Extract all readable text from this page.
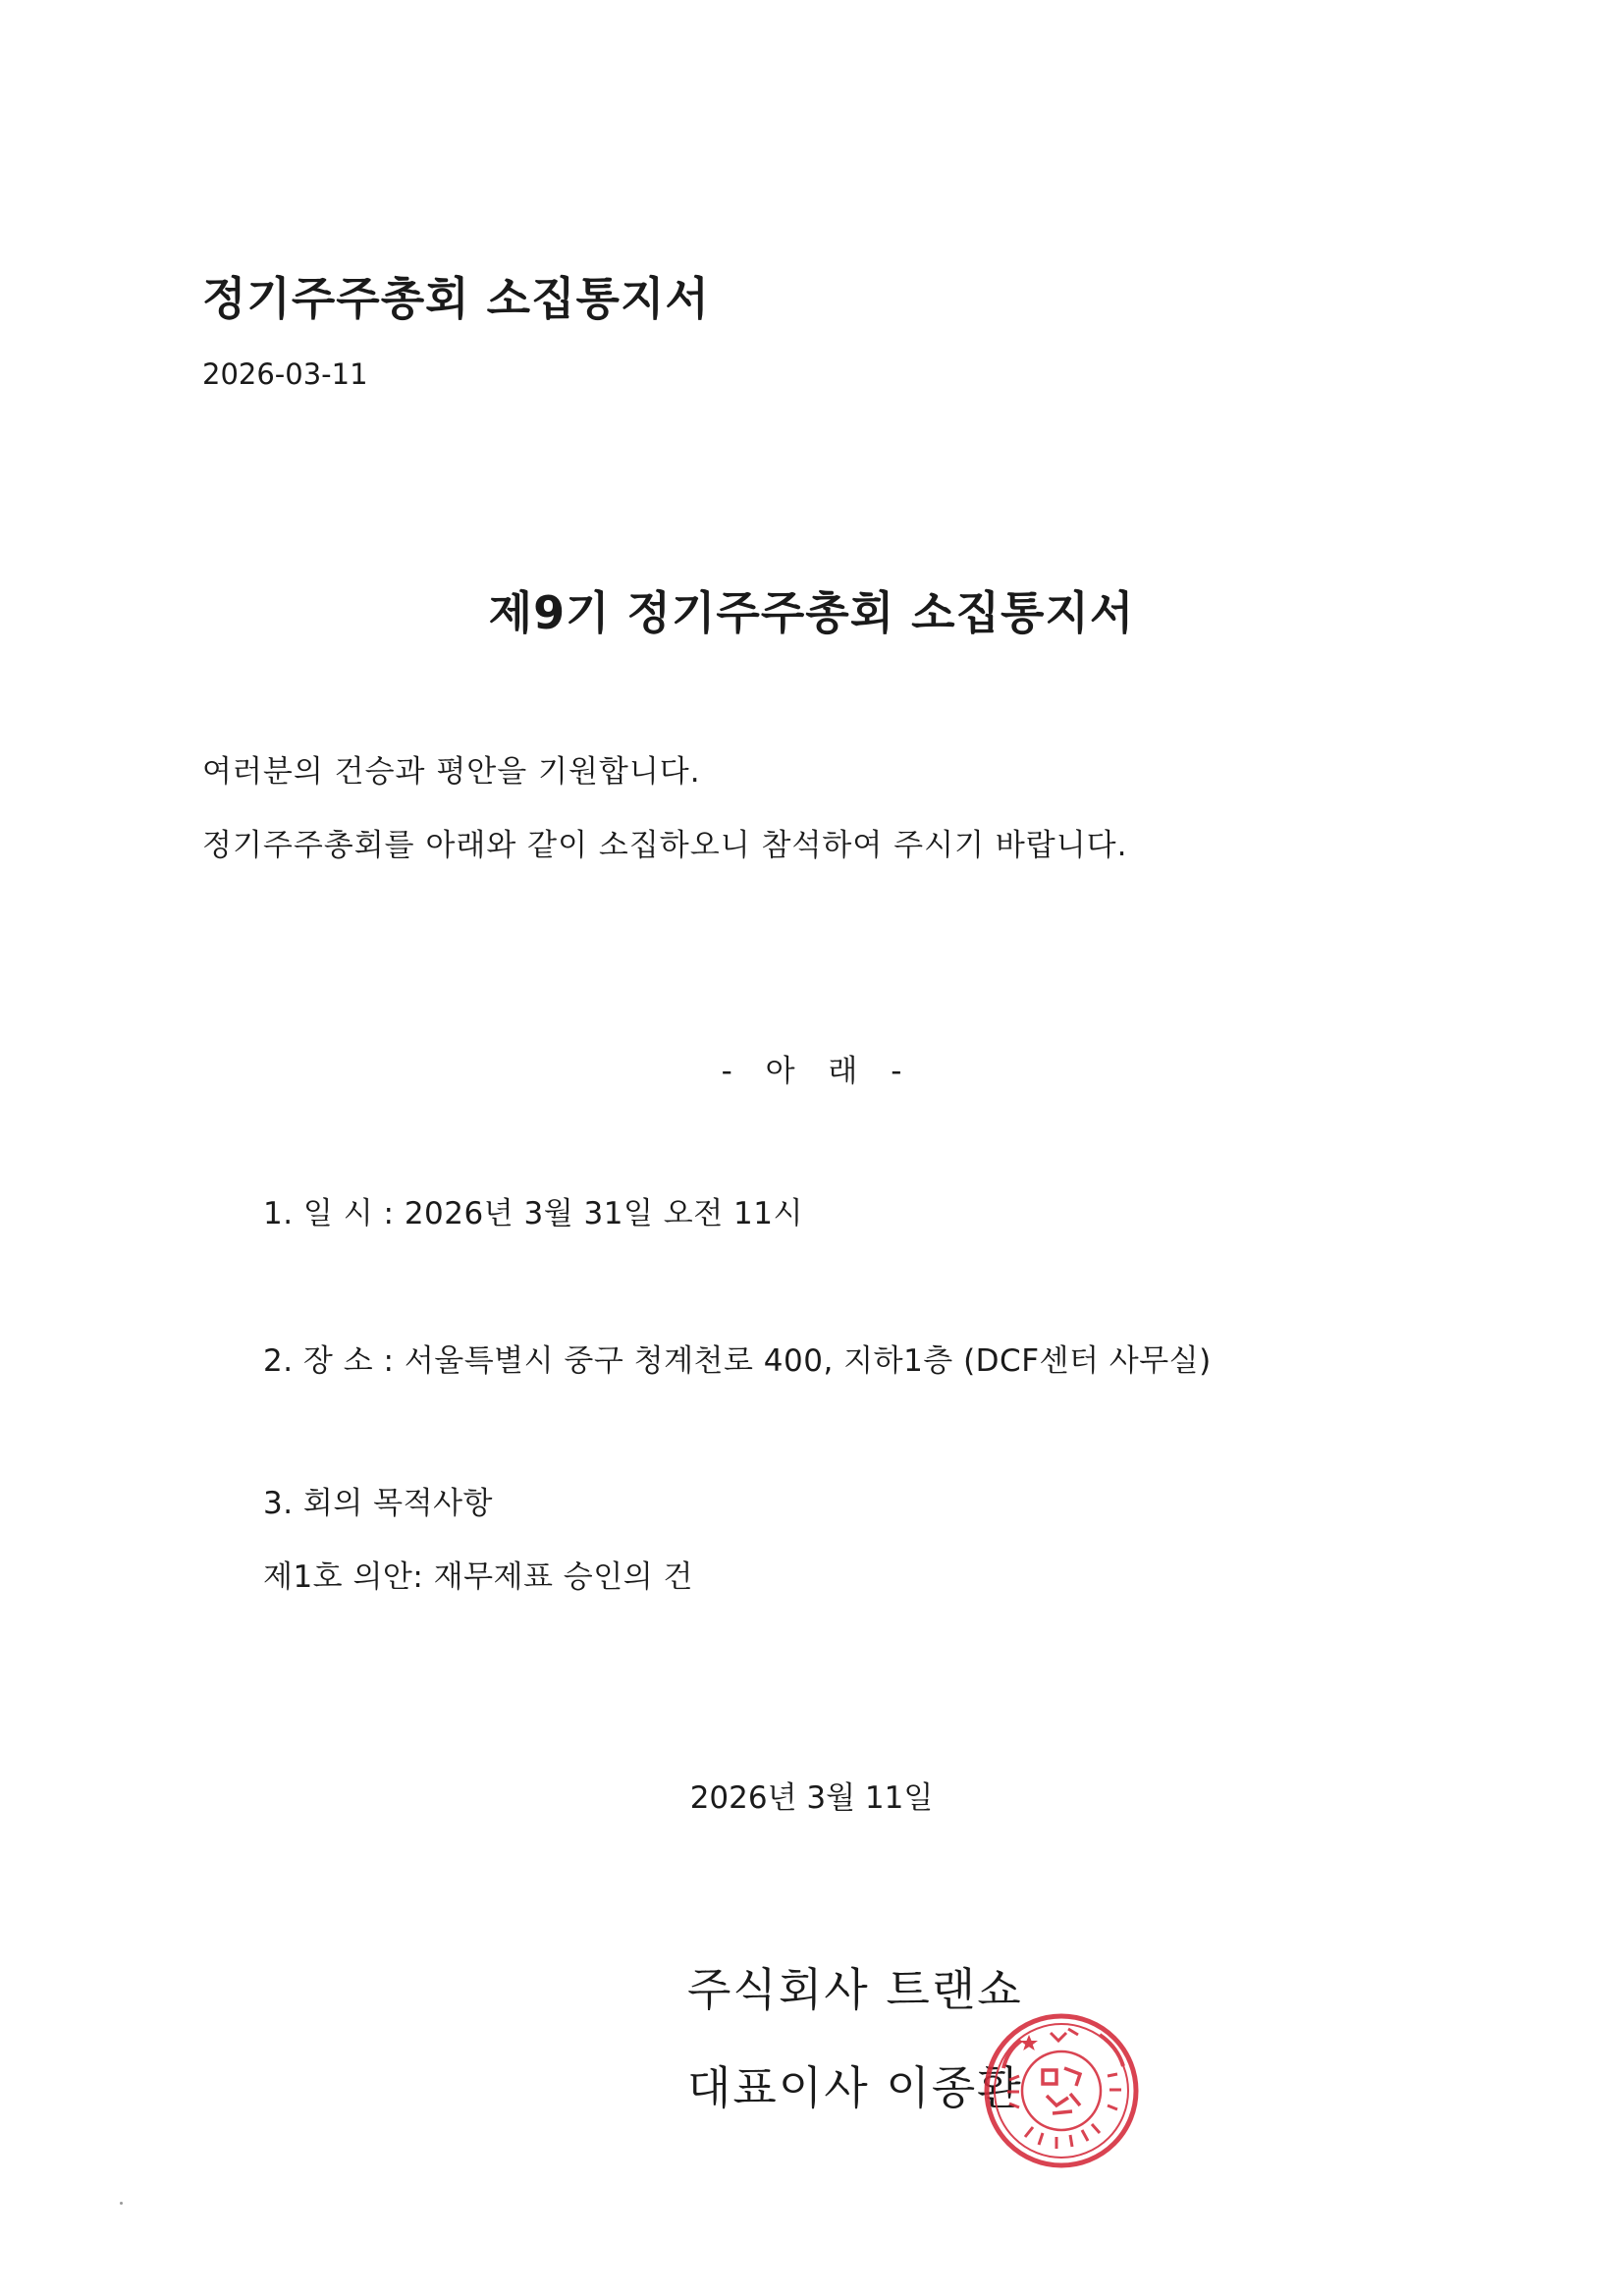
정기주주총회 소집통지서
2026-03-11
제9기 정기주주총회 소집통지서
여러분의 건승과 평안을 기원합니다.
정기주주총회를 아래와 같이 소집하오니 참석하여 주시기 바랍니다.
- 아 래 -
1. 일 시 : 2026년 3월 31일 오전 11시
2. 장 소 : 서울특별시 중구 청계천로 400, 지하1층 (DCF센터 사무실)
3. 회의 목적사항
제1호 의안: 재무제표 승인의 건
2026년 3월 11일
주식회사 트랜쇼
대표이사 이종환
